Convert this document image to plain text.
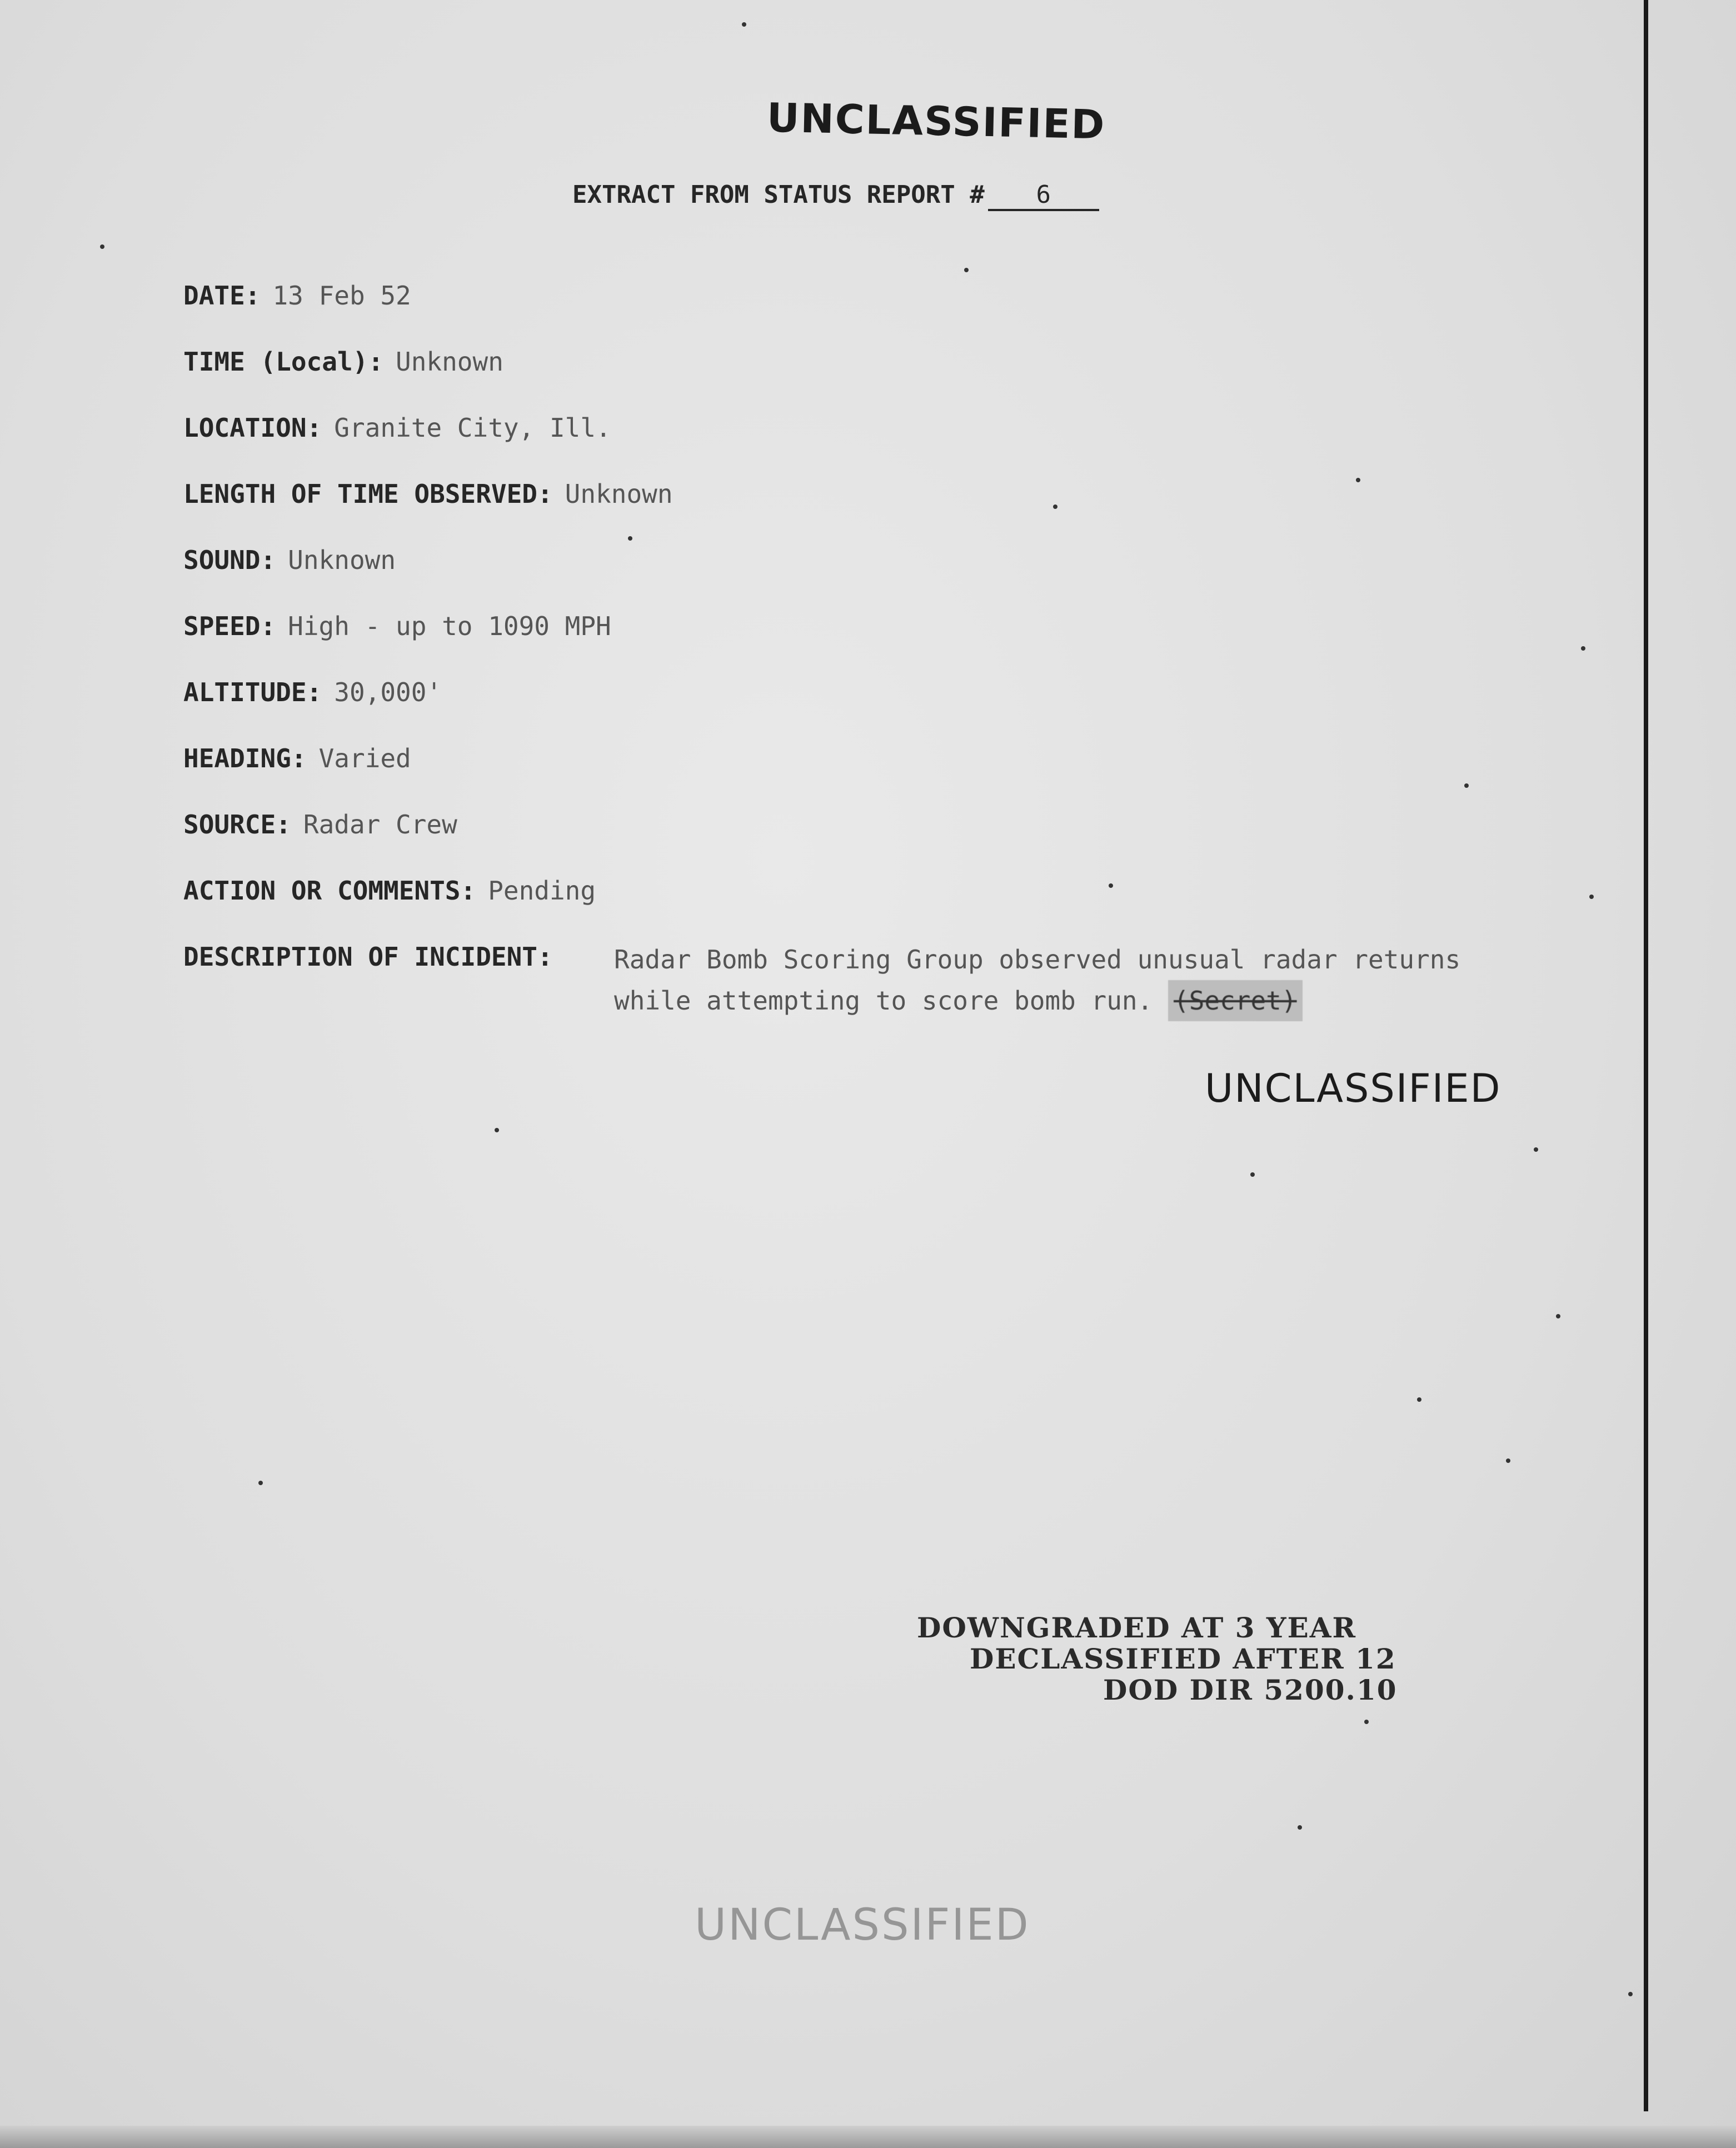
UNCLASSIFIED
EXTRACT FROM STATUS REPORT # 6
DATE: 13 Feb 52
TIME (Local): Unknown
LOCATION: Granite City, Ill.
LENGTH OF TIME OBSERVED: Unknown
SOUND: Unknown
SPEED: High - up to 1090 MPH
ALTITUDE: 30,000'
HEADING: Varied
SOURCE: Radar Crew
ACTION OR COMMENTS: Pending
DESCRIPTION OF INCIDENT: Radar Bomb Scoring Group observed unusual radar returns
while attempting to score bomb run. (Secret)
UNCLASSIFIED
DOWNGRADED AT 3 YEAR
DECLASSIFIED AFTER 12
DOD DIR 5200.10
UNCLASSIFIED
